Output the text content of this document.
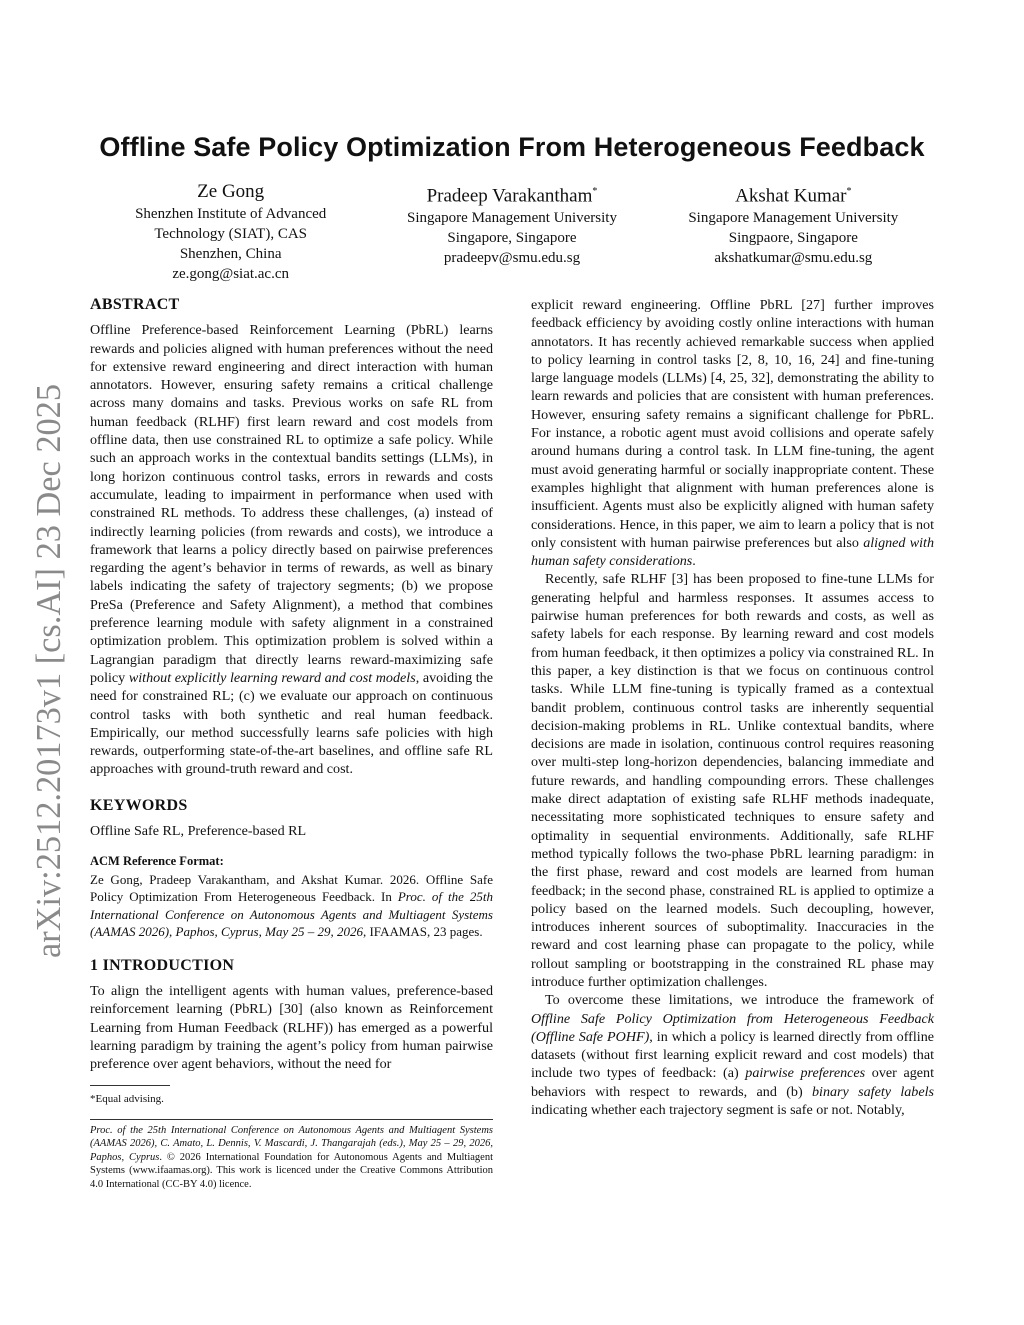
arXiv:2512.20173v1 [cs.AI] 23 Dec 2025
Offline Safe Policy Optimization From Heterogeneous Feedback
Ze Gong
Shenzhen Institute of Advanced
Technology (SIAT), CAS
Shenzhen, China
ze.gong@siat.ac.cn
Pradeep Varakantham*
Singapore Management University
Singapore, Singapore
pradeepv@smu.edu.sg
Akshat Kumar*
Singapore Management University
Singpaore, Singapore
akshatkumar@smu.edu.sg
ABSTRACT

Offline Preference-based Reinforcement Learning (PbRL) learns rewards and policies aligned with human preferences without the need for extensive reward engineering and direct interaction with human annotators. However, ensuring safety remains a critical challenge across many domains and tasks. Previous works on safe RL from human feedback (RLHF) first learn reward and cost models from offline data, then use constrained RL to optimize a safe policy. While such an approach works in the contextual bandits settings (LLMs), in long horizon continuous control tasks, errors in rewards and costs accumulate, leading to impairment in performance when used with constrained RL methods. To address these challenges, (a) instead of indirectly learning policies (from rewards and costs), we introduce a framework that learns a policy directly based on pairwise preferences regarding the agent’s behavior in terms of rewards, as well as binary labels indicating the safety of trajectory segments; (b) we propose PreSa (Preference and Safety Alignment), a method that combines preference learning module with safety alignment in a constrained optimization problem. This optimization problem is solved within a Lagrangian paradigm that directly learns reward-maximizing safe policy without explicitly learning reward and cost models, avoiding the need for constrained RL; (c) we evaluate our approach on continuous control tasks with both synthetic and real human feedback. Empirically, our method successfully learns safe policies with high rewards, outperforming state-of-the-art baselines, and offline safe RL approaches with ground-truth reward and cost.

KEYWORDS

Offline Safe RL, Preference-based RL

ACM Reference Format:

Ze Gong, Pradeep Varakantham, and Akshat Kumar. 2026. Offline Safe Policy Optimization From Heterogeneous Feedback. In Proc. of the 25th International Conference on Autonomous Agents and Multiagent Systems (AAMAS 2026), Paphos, Cyprus, May 25 – 29, 2026, IFAAMAS, 23 pages.

1 INTRODUCTION

To align the intelligent agents with human values, preference-based reinforcement learning (PbRL) [30] (also known as Reinforcement Learning from Human Feedback (RLHF)) has emerged as a powerful learning paradigm by training the agent’s policy from human pairwise preference over agent behaviors, without the need for

*Equal advising.

Proc. of the 25th International Conference on Autonomous Agents and Multiagent Systems (AAMAS 2026), C. Amato, L. Dennis, V. Mascardi, J. Thangarajah (eds.), May 25 – 29, 2026, Paphos, Cyprus. © 2026 International Foundation for Autonomous Agents and Multiagent Systems (www.ifaamas.org). This work is licenced under the Creative Commons Attribution 4.0 International (CC-BY 4.0) licence.

explicit reward engineering. Offline PbRL [27] further improves feedback efficiency by avoiding costly online interactions with human annotators. It has recently achieved remarkable success when applied to policy learning in control tasks [2, 8, 10, 16, 24] and fine-tuning large language models (LLMs) [4, 25, 32], demonstrating the ability to learn rewards and policies that are consistent with human preferences. However, ensuring safety remains a significant challenge for PbRL. For instance, a robotic agent must avoid collisions and operate safely around humans during a control task. In LLM fine-tuning, the agent must avoid generating harmful or socially inappropriate content. These examples highlight that alignment with human preferences alone is insufficient. Agents must also be explicitly aligned with human safety considerations. Hence, in this paper, we aim to learn a policy that is not only consistent with human pairwise preferences but also aligned with human safety considerations.

Recently, safe RLHF [3] has been proposed to fine-tune LLMs for generating helpful and harmless responses. It assumes access to pairwise human preferences for both rewards and costs, as well as safety labels for each response. By learning reward and cost models from human feedback, it then optimizes a policy via constrained RL. In this paper, a key distinction is that we focus on continuous control tasks. While LLM fine-tuning is typically framed as a contextual bandit problem, continuous control tasks are inherently sequential decision-making problems in RL. Unlike contextual bandits, where decisions are made in isolation, continuous control requires reasoning over multi-step long-horizon dependencies, balancing immediate and future rewards, and handling compounding errors. These challenges make direct adaptation of existing safe RLHF methods inadequate, necessitating more sophisticated techniques to ensure safety and optimality in sequential environments. Additionally, safe RLHF method typically follows the two-phase PbRL learning paradigm: in the first phase, reward and cost models are learned from human feedback; in the second phase, constrained RL is applied to optimize a policy based on the learned models. Such decoupling, however, introduces inherent sources of suboptimality. Inaccuracies in the reward and cost learning phase can propagate to the policy, while rollout sampling or bootstrapping in the constrained RL phase may introduce further optimization challenges.

To overcome these limitations, we introduce the framework of Offline Safe Policy Optimization from Heterogeneous Feedback (Offline Safe POHF), in which a policy is learned directly from offline datasets (without first learning explicit reward and cost models) that include two types of feedback: (a) pairwise preferences over agent behaviors with respect to rewards, and (b) binary safety labels indicating whether each trajectory segment is safe or not. Notably,
